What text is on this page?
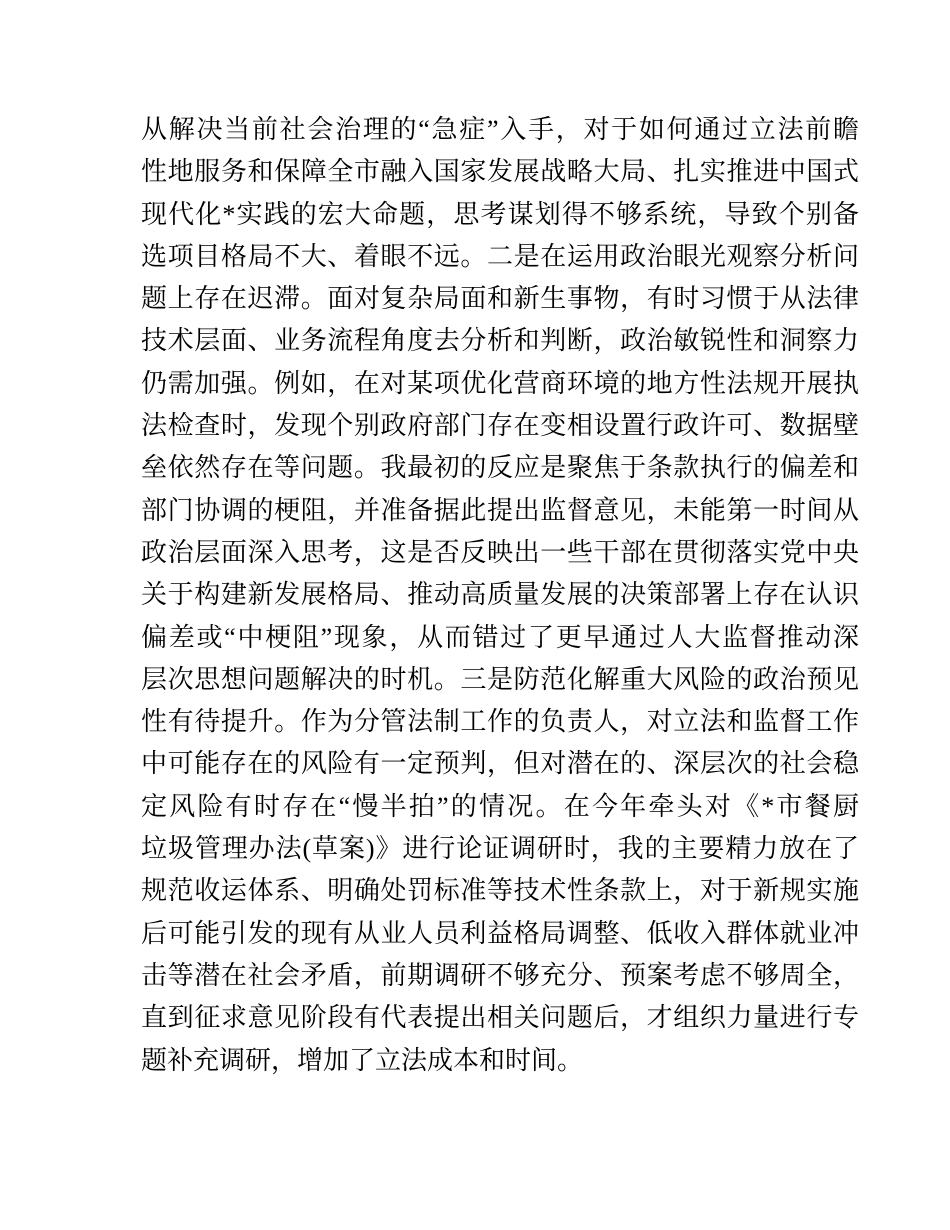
从解决当前社会治理的“急症”入手，对于如何通过立法前瞻
性地服务和保障全市融入国家发展战略大局、扎实推进中国式
现代化*实践的宏大命题，思考谋划得不够系统，导致个别备
选项目格局不大、着眼不远。二是在运用政治眼光观察分析问
题上存在迟滞。面对复杂局面和新生事物，有时习惯于从法律
技术层面、业务流程角度去分析和判断，政治敏锐性和洞察力
仍需加强。例如，在对某项优化营商环境的地方性法规开展执
法检查时，发现个别政府部门存在变相设置行政许可、数据壁
垒依然存在等问题。我最初的反应是聚焦于条款执行的偏差和
部门协调的梗阻，并准备据此提出监督意见，未能第一时间从
政治层面深入思考，这是否反映出一些干部在贯彻落实党中央
关于构建新发展格局、推动高质量发展的决策部署上存在认识
偏差或“中梗阻”现象，从而错过了更早通过人大监督推动深
层次思想问题解决的时机。三是防范化解重大风险的政治预见
性有待提升。作为分管法制工作的负责人，对立法和监督工作
中可能存在的风险有一定预判，但对潜在的、深层次的社会稳
定风险有时存在“慢半拍”的情况。在今年牵头对《*市餐厨
垃圾管理办法(草案)》进行论证调研时，我的主要精力放在了
规范收运体系、明确处罚标准等技术性条款上，对于新规实施
后可能引发的现有从业人员利益格局调整、低收入群体就业冲
击等潜在社会矛盾，前期调研不够充分、预案考虑不够周全，
直到征求意见阶段有代表提出相关问题后，才组织力量进行专
题补充调研，增加了立法成本和时间。
